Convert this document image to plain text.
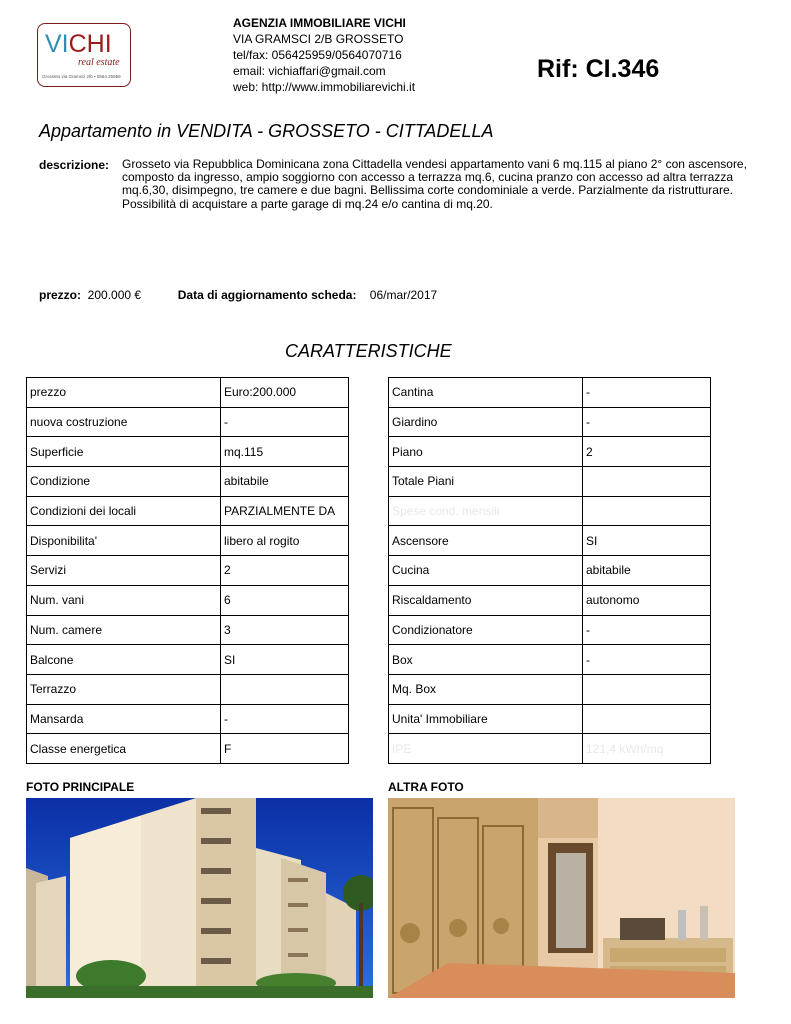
VICHI
real estate
Grosseto via Gramsci 2/b • 0564.25959
AGENZIA IMMOBILIARE VICHI
VIA GRAMSCI 2/B GROSSETO
tel/fax: 056425959/0564070716
email: vichiaffari@gmail.com
web: http://www.immobiliarevichi.it
Rif: CI.346
Appartamento in VENDITA - GROSSETO - CITTADELLA
descrizione: Grosseto via Repubblica Dominicana zona Cittadella vendesi appartamento vani 6 mq.115 al piano 2° con ascensore, composto da ingresso, ampio soggiorno con accesso a terrazza mq.6, cucina pranzo con accesso ad altra terrazza mq.6,30, disimpegno, tre camere e due bagni. Bellissima corte condominiale a verde. Parzialmente da ristrutturare. Possibilità di acquistare a parte garage di mq.24 e/o cantina di mq.20.
prezzo: 200.000 €	Data di aggiornamento scheda: 06/mar/2017
CARATTERISTICHE
prezzo	Euro:200.000
nuova costruzione	-
Superficie	mq.115
Condizione	abitabile
Condizioni dei locali	PARZIALMENTE DA
Disponibilita'	libero al rogito
Servizi	2
Num. vani	6
Num. camere	3
Balcone	SI
Terrazzo	
Mansarda	-
Classe energetica	F
Cantina	-
Giardino	-
Piano	2
Totale Piani	
Spese cond. mensili	
Ascensore	SI
Cucina	abitabile
Riscaldamento	autonomo
Condizionatore	-
Box	-
Mq. Box	
Unita' Immobiliare	
IPE	121,4 kWh/mq
FOTO PRINCIPALE	ALTRA FOTO
